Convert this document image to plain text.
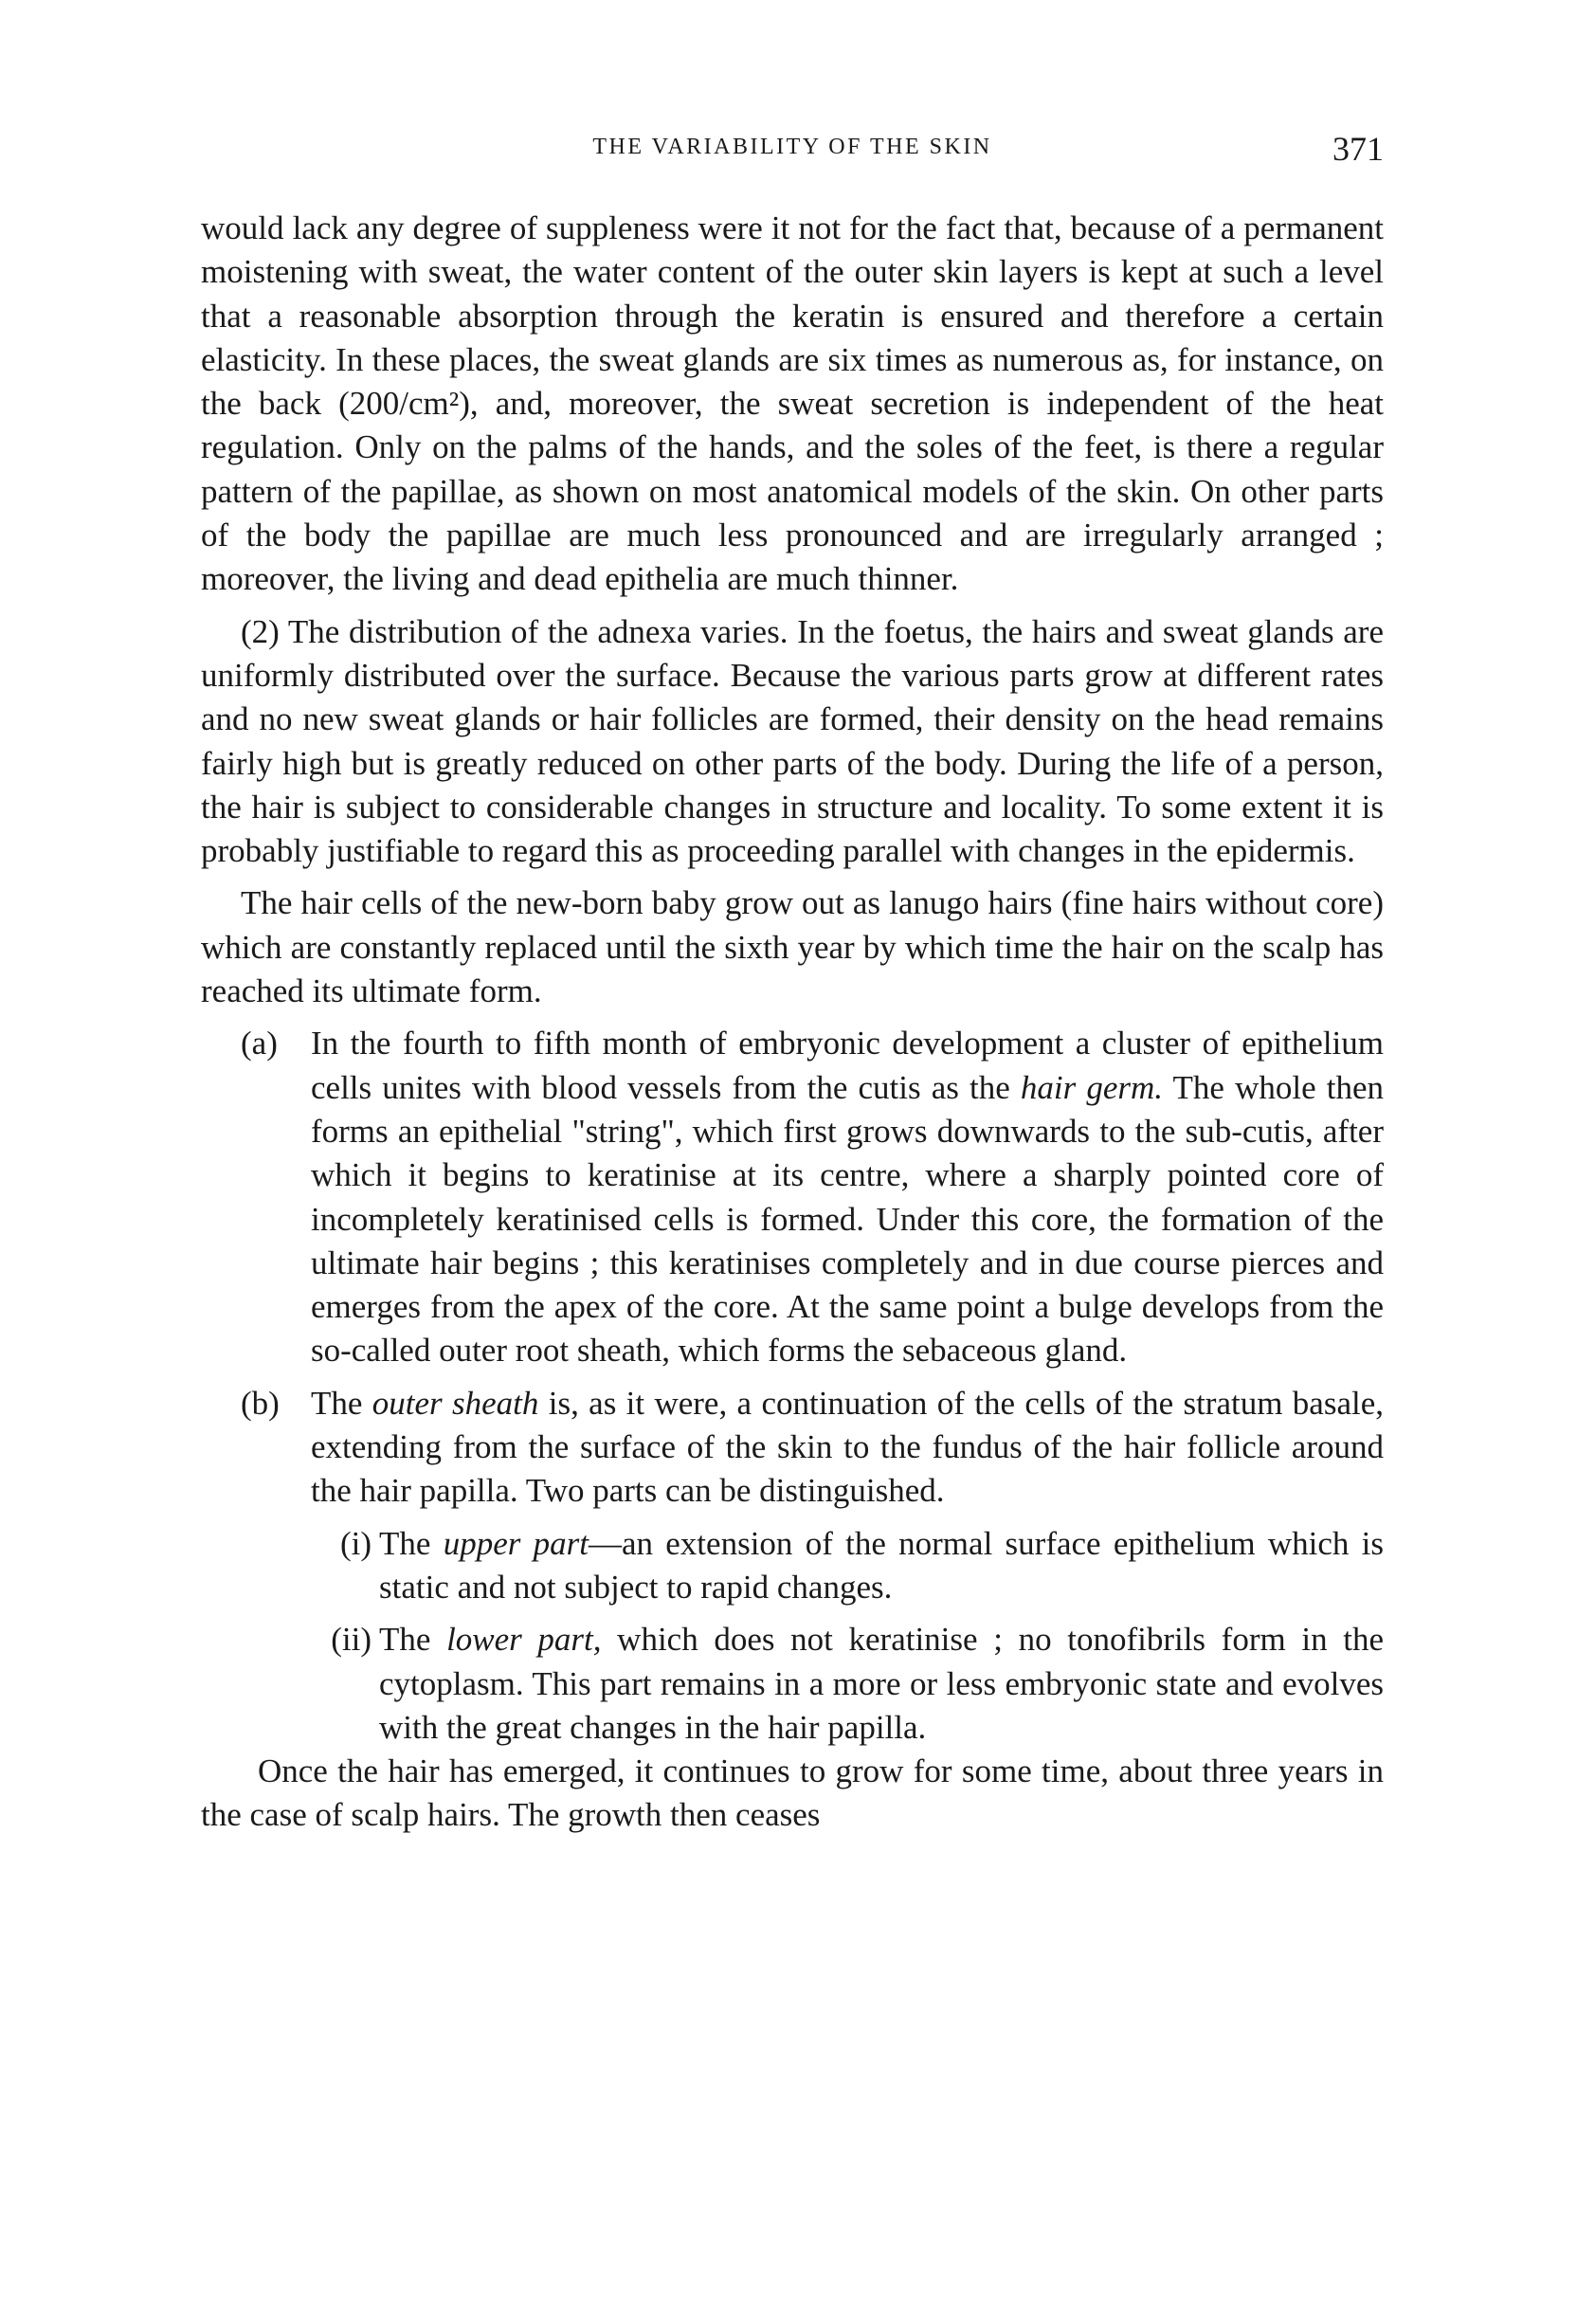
THE VARIABILITY OF THE SKIN	371

would lack any degree of suppleness were it not for the fact that, because of a permanent moistening with sweat, the water content of the outer skin layers is kept at such a level that a reasonable absorption through the keratin is ensured and therefore a certain elasticity. In these places, the sweat glands are six times as numerous as, for instance, on the back (200/cm²), and, moreover, the sweat secretion is independent of the heat regulation. Only on the palms of the hands, and the soles of the feet, is there a regular pattern of the papillae, as shown on most anatomical models of the skin. On other parts of the body the papillae are much less pronounced and are irregularly arranged ; moreover, the living and dead epithelia are much thinner.

(2) The distribution of the adnexa varies. In the foetus, the hairs and sweat glands are uniformly distributed over the surface. Because the various parts grow at different rates and no new sweat glands or hair follicles are formed, their density on the head remains fairly high but is greatly reduced on other parts of the body. During the life of a person, the hair is subject to considerable changes in structure and locality. To some extent it is probably justifiable to regard this as proceeding parallel with changes in the epidermis.

The hair cells of the new-born baby grow out as lanugo hairs (fine hairs without core) which are constantly replaced until the sixth year by which time the hair on the scalp has reached its ultimate form.

(a)	In the fourth to fifth month of embryonic development a cluster of epithelium cells unites with blood vessels from the cutis as the hair germ. The whole then forms an epithelial "string", which first grows downwards to the sub-cutis, after which it begins to keratinise at its centre, where a sharply pointed core of incompletely keratinised cells is formed. Under this core, the formation of the ultimate hair begins ; this keratinises completely and in due course pierces and emerges from the apex of the core. At the same point a bulge develops from the so-called outer root sheath, which forms the sebaceous gland.
(b) The outer sheath is, as it were, a continuation of the cells of the stratum basale, extending from the surface of the skin to the fundus of the hair follicle around the hair papilla. Two parts can be distinguished.
(i) The upper part—an extension of the normal surface epithelium which is static and not subject to rapid changes.
(ii) The lower part, which does not keratinise ; no tonofibrils form in the cytoplasm. This part remains in a more or less embryonic state and evolves with the great changes in the hair papilla.

Once the hair has emerged, it continues to grow for some time, about three years in the case of scalp hairs. The growth then ceases
